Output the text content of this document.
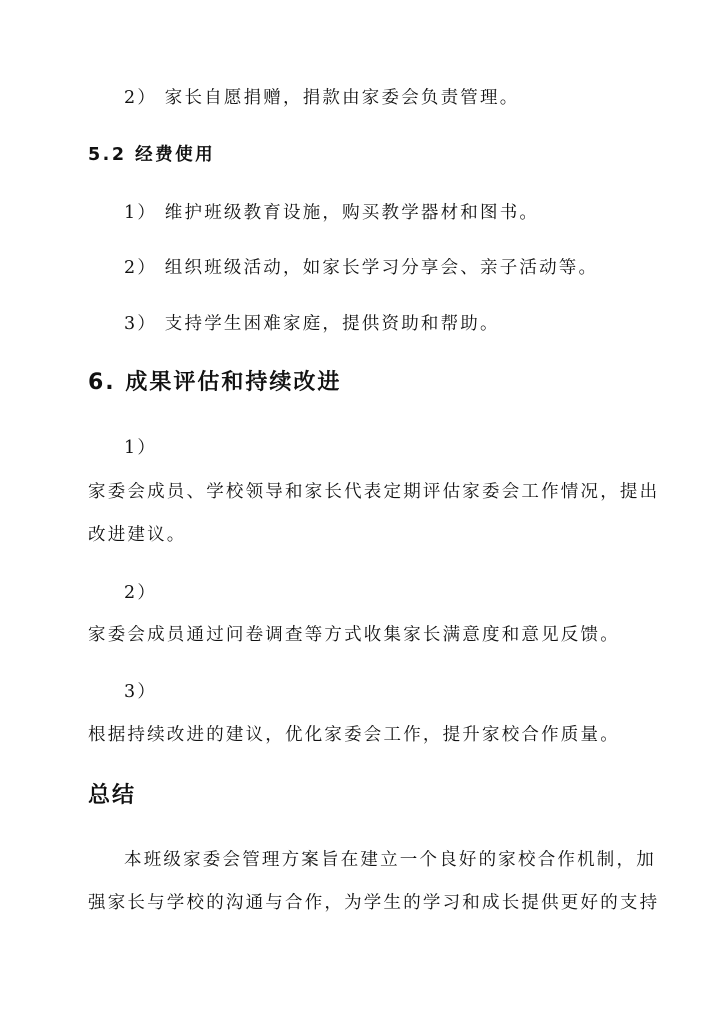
2） 家长自愿捐赠，捐款由家委会负责管理。
5.2 经费使用
1） 维护班级教育设施，购买教学器材和图书。
2） 组织班级活动，如家长学习分享会、亲子活动等。
3） 支持学生困难家庭，提供资助和帮助。
6. 成果评估和持续改进
1）
家委会成员、学校领导和家长代表定期评估家委会工作情况，提出
改进建议。
2）
家委会成员通过问卷调查等方式收集家长满意度和意见反馈。
3）
根据持续改进的建议，优化家委会工作，提升家校合作质量。
总结
本班级家委会管理方案旨在建立一个良好的家校合作机制，加
强家长与学校的沟通与合作，为学生的学习和成长提供更好的支持
